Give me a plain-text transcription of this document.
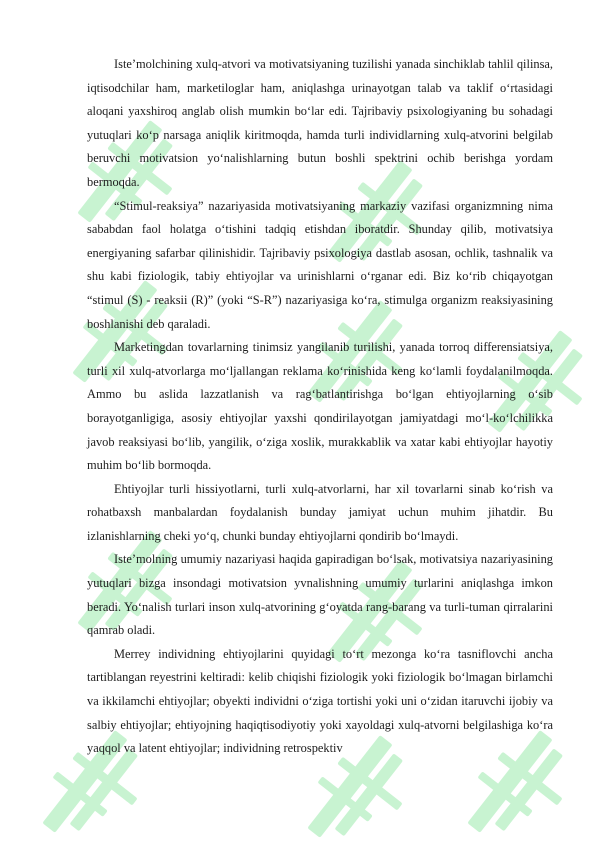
Iste’molchining xulq-atvori va motivatsiyaning tuzilishi yanada sinchiklab tahlil qilinsa, iqtisodchilar ham, marketiloglar ham, aniqlashga urinayotgan talab va taklif o‘rtasidagi aloqani yaxshiroq anglab olish mumkin bo‘lar edi. Tajribaviy psixologiyaning bu sohadagi yutuqlari ko‘p narsaga aniqlik kiritmoqda, hamda turli individlarning xulq-atvorini belgilab beruvchi motivatsion yo‘nalishlarning butun boshli spektrini ochib berishga yordam bermoqda.

“Stimul-reaksiya” nazariyasida motivatsiyaning markaziy vazifasi organizmning nima sababdan faol holatga o‘tishini tadqiq etishdan iboratdir. Shunday qilib, motivatsiya energiyaning safarbar qilinishidir. Tajribaviy psixologiya dastlab asosan, ochlik, tashnalik va shu kabi fiziologik, tabiy ehtiyojlar va urinishlarni o‘rganar edi. Biz ko‘rib chiqayotgan “stimul (S) - reaksii (R)” (yoki “S-R”) nazariyasiga ko‘ra, stimulga organizm reaksiyasining boshlanishi deb qaraladi.

Marketingdan tovarlarning tinimsiz yangilanib turilishi, yanada torroq differensiatsiya, turli xil xulq-atvorlarga mo‘ljallangan reklama ko‘rinishida keng ko‘lamli foydalanilmoqda. Ammo bu aslida lazzatlanish va rag‘batlantirishga bo‘lgan ehtiyojlarning o‘sib borayotganligiga, asosiy ehtiyojlar yaxshi qondirilayotgan jamiyatdagi mo‘l-ko‘lchilikka javob reaksiyasi bo‘lib, yangilik, o‘ziga xoslik, murakkablik va xatar kabi ehtiyojlar hayotiy muhim bo‘lib bormoqda.

Ehtiyojlar turli hissiyotlarni, turli xulq-atvorlarni, har xil tovarlarni sinab ko‘rish va rohatbaxsh manbalardan foydalanish bunday jamiyat uchun muhim jihatdir. Bu izlanishlarning cheki yo‘q, chunki bunday ehtiyojlarni qondirib bo‘lmaydi.

Iste’molning umumiy nazariyasi haqida gapiradigan bo‘lsak, motivatsiya nazariyasining yutuqlari bizga insondagi motivatsion yvnalishning umumiy turlarini aniqlashga imkon beradi. Yo‘nalish turlari inson xulq-atvorining g‘oyatda rang-barang va turli-tuman qirralarini qamrab oladi.

Merrey individning ehtiyojlarini quyidagi to‘rt mezonga ko‘ra tasniflovchi ancha tartiblangan reyestrini keltiradi: kelib chiqishi fiziologik yoki fiziologik bo‘lmagan birlamchi va ikkilamchi ehtiyojlar; obyekti individni o‘ziga tortishi yoki uni o‘zidan itaruvchi ijobiy va salbiy ehtiyojlar; ehtiyojning haqiqtisodiyotiy yoki xayoldagi xulq-atvorni belgilashiga ko‘ra yaqqol va latent ehtiyojlar; individning retrospektiv
